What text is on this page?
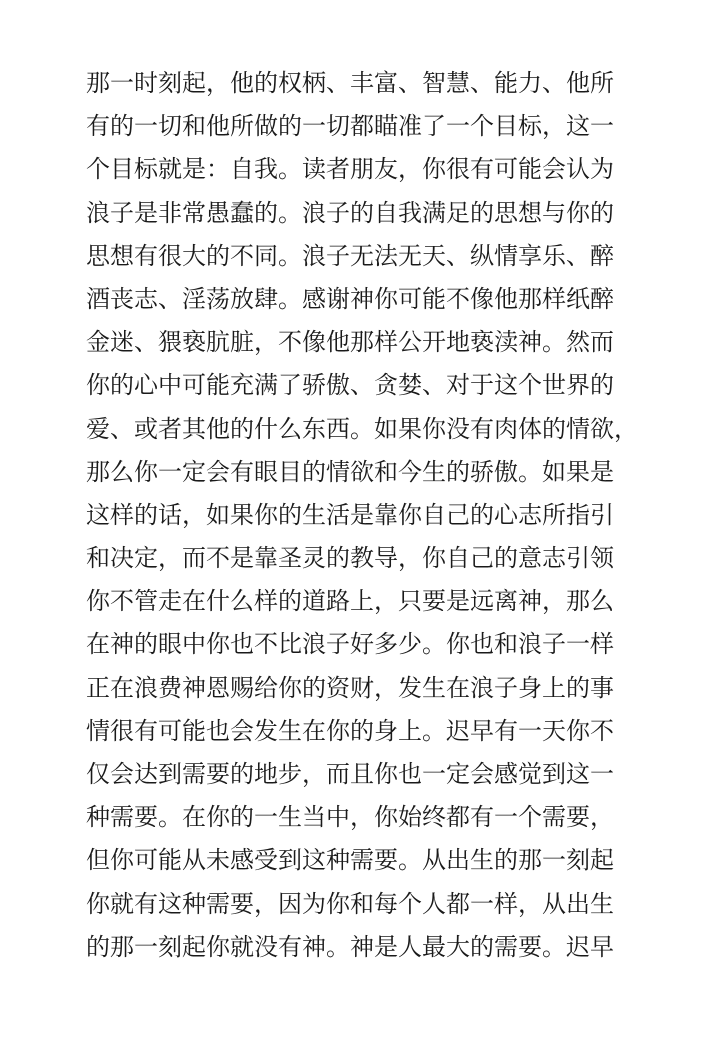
那一时刻起，他的权柄、丰富、智慧、能力、他所
有的一切和他所做的一切都瞄准了一个目标，这一
个目标就是：自我。读者朋友，你很有可能会认为
浪子是非常愚蠢的。浪子的自我满足的思想与你的
思想有很大的不同。浪子无法无天、纵情享乐、醉
酒丧志、淫荡放肆。感谢神你可能不像他那样纸醉
金迷、猥亵肮脏，不像他那样公开地亵渎神。然而
你的心中可能充满了骄傲、贪婪、对于这个世界的
爱、或者其他的什么东西。如果你没有肉体的情欲，
那么你一定会有眼目的情欲和今生的骄傲。如果是
这样的话，如果你的生活是靠你自己的心志所指引
和决定，而不是靠圣灵的教导，你自己的意志引领
你不管走在什么样的道路上，只要是远离神，那么
在神的眼中你也不比浪子好多少。你也和浪子一样
正在浪费神恩赐给你的资财，发生在浪子身上的事
情很有可能也会发生在你的身上。迟早有一天你不
仅会达到需要的地步，而且你也一定会感觉到这一
种需要。在你的一生当中，你始终都有一个需要，
但你可能从未感受到这种需要。从出生的那一刻起
你就有这种需要，因为你和每个人都一样，从出生
的那一刻起你就没有神。神是人最大的需要。迟早
